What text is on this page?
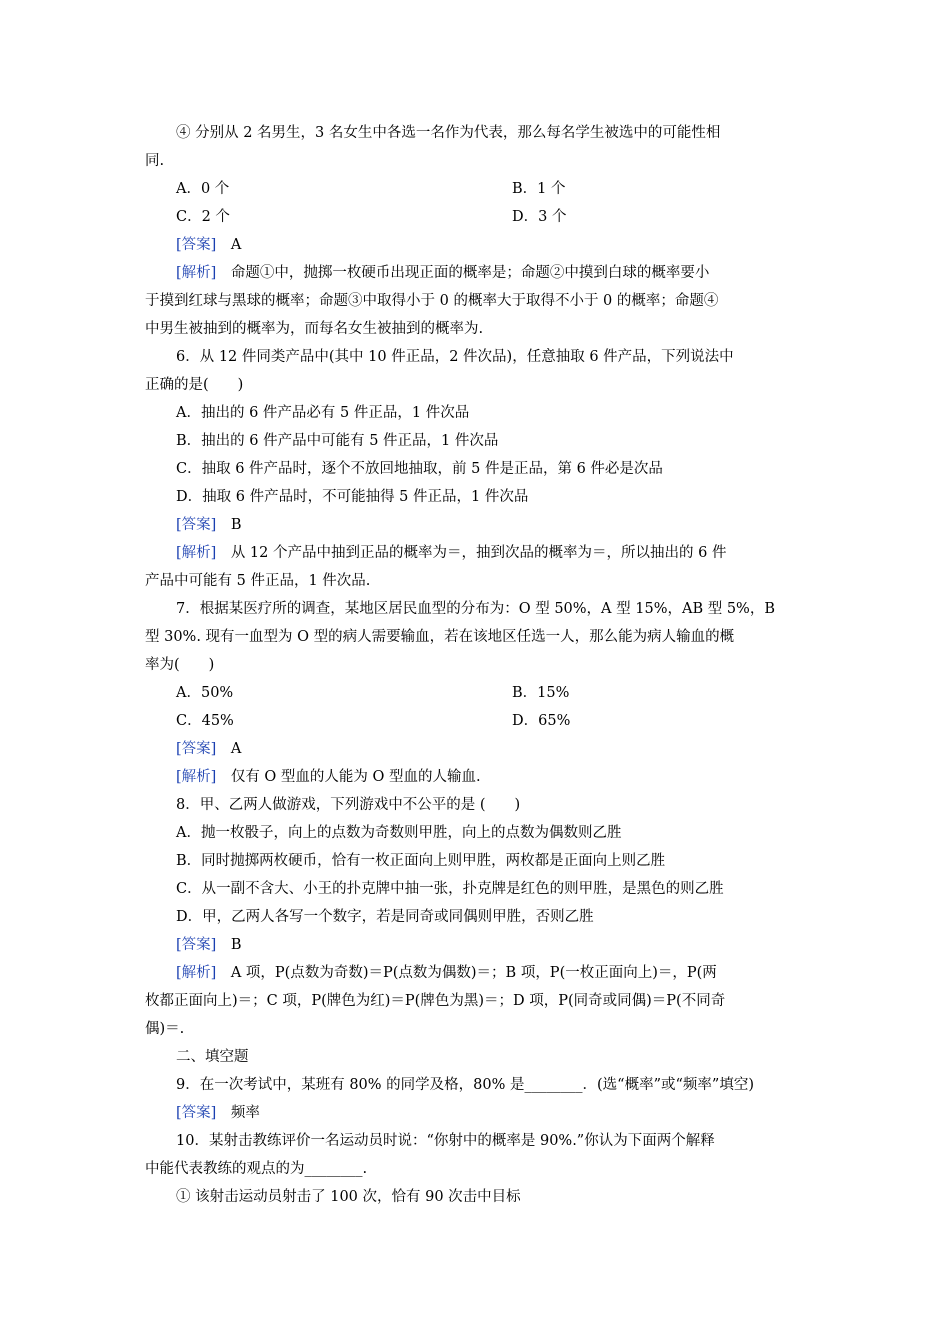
④ 分别从 2 名男生，3 名女生中各选一名作为代表，那么每名学生被选中的可能性相
同.
A．0 个	B．1 个
C．2 个	D．3 个
[答案]　 A
[解析]　 命题①中，抛掷一枚硬币出现正面的概率是；命题②中摸到白球的概率要小
于摸到红球与黑球的概率；命题③中取得小于 0 的概率大于取得不小于 0 的概率；命题④
中男生被抽到的概率为，而每名女生被抽到的概率为.
6．从 12 件同类产品中(其中 10 件正品，2 件次品)，任意抽取 6 件产品，下列说法中
正确的是(　　)
A．抽出的 6 件产品必有 5 件正品，1 件次品
B．抽出的 6 件产品中可能有 5 件正品，1 件次品
C．抽取 6 件产品时，逐个不放回地抽取，前 5 件是正品，第 6 件必是次品
D．抽取 6 件产品时，不可能抽得 5 件正品，1 件次品
[答案]　 B
[解析]　 从 12 个产品中抽到正品的概率为＝，抽到次品的概率为＝，所以抽出的 6 件
产品中可能有 5 件正品，1 件次品.
7．根据某医疗所的调查，某地区居民血型的分布为：O 型 50%，A 型 15%，AB 型 5%，B
型 30%. 现有一血型为 O 型的病人需要输血，若在该地区任选一人，那么能为病人输血的概
率为(　　)
A．50%	B．15%
C．45%	D．65%
[答案]　 A
[解析]　 仅有 O 型血的人能为 O 型血的人输血.
8．甲、乙两人做游戏，下列游戏中不公平的是 (　　)
A．抛一枚骰子，向上的点数为奇数则甲胜，向上的点数为偶数则乙胜
B．同时抛掷两枚硬币，恰有一枚正面向上则甲胜，两枚都是正面向上则乙胜
C．从一副不含大、小王的扑克牌中抽一张，扑克牌是红色的则甲胜，是黑色的则乙胜
D．甲，乙两人各写一个数字，若是同奇或同偶则甲胜，否则乙胜
[答案]　 B
[解析]　 A 项，P(点数为奇数)＝P(点数为偶数)＝；B 项，P(一枚正面向上)＝，P(两
枚都正面向上)＝；C 项，P(牌色为红)＝P(牌色为黑)＝；D 项，P(同奇或同偶)＝P(不同奇
偶)＝.
二、填空题
9．在一次考试中，某班有 80% 的同学及格，80% 是________．(选“概率”或“频率”填空)
[答案]　 频率
10．某射击教练评价一名运动员时说：“你射中的概率是 90%.”你认为下面两个解释
中能代表教练的观点的为________.
① 该射击运动员射击了 100 次，恰有 90 次击中目标
